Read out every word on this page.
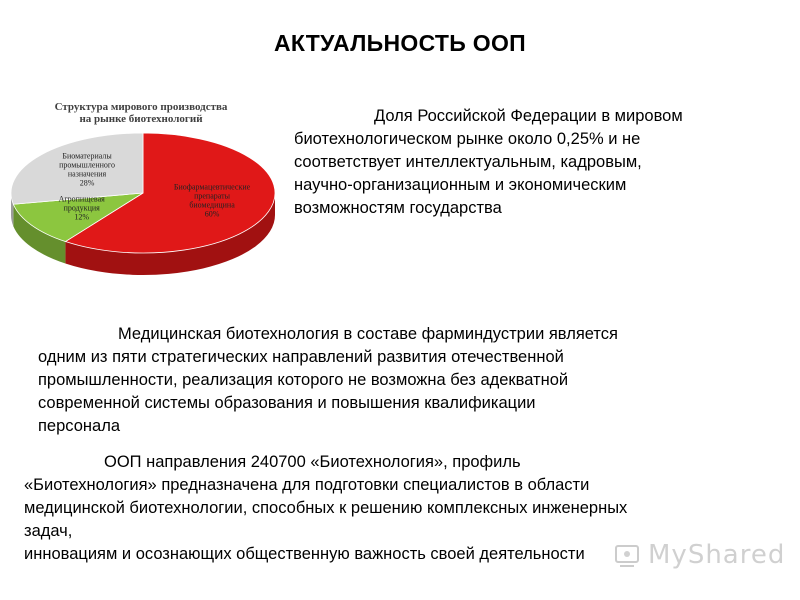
АКТУАЛЬНОСТЬ ООП
Структура мирового производства
на рынке биотехнологий
Биофармацевтические
препараты
биомедицина
60%
Агропищевая
продукция
12%
Биоматериалы
промышленного
назначения
28%
Доля Российской Федерации в мировом
биотехнологическом рынке около 0,25% и не
соответствует интеллектуальным, кадровым,
научно-организационным и экономическим
возможностям государства
Медицинская биотехнология в составе фарминдустрии является
одним из пяти стратегических направлений развития отечественной
промышленности, реализация которого не возможна без адекватной
современной системы образования и повышения квалификации
персонала
ООП направления 240700 «Биотехнология», профиль
«Биотехнология» предназначена для подготовки специалистов в области
медицинской биотехнологии, способных к решению комплексных инженерных
задач,
инновациям и осознающих общественную важность своей деятельности	MyShared
